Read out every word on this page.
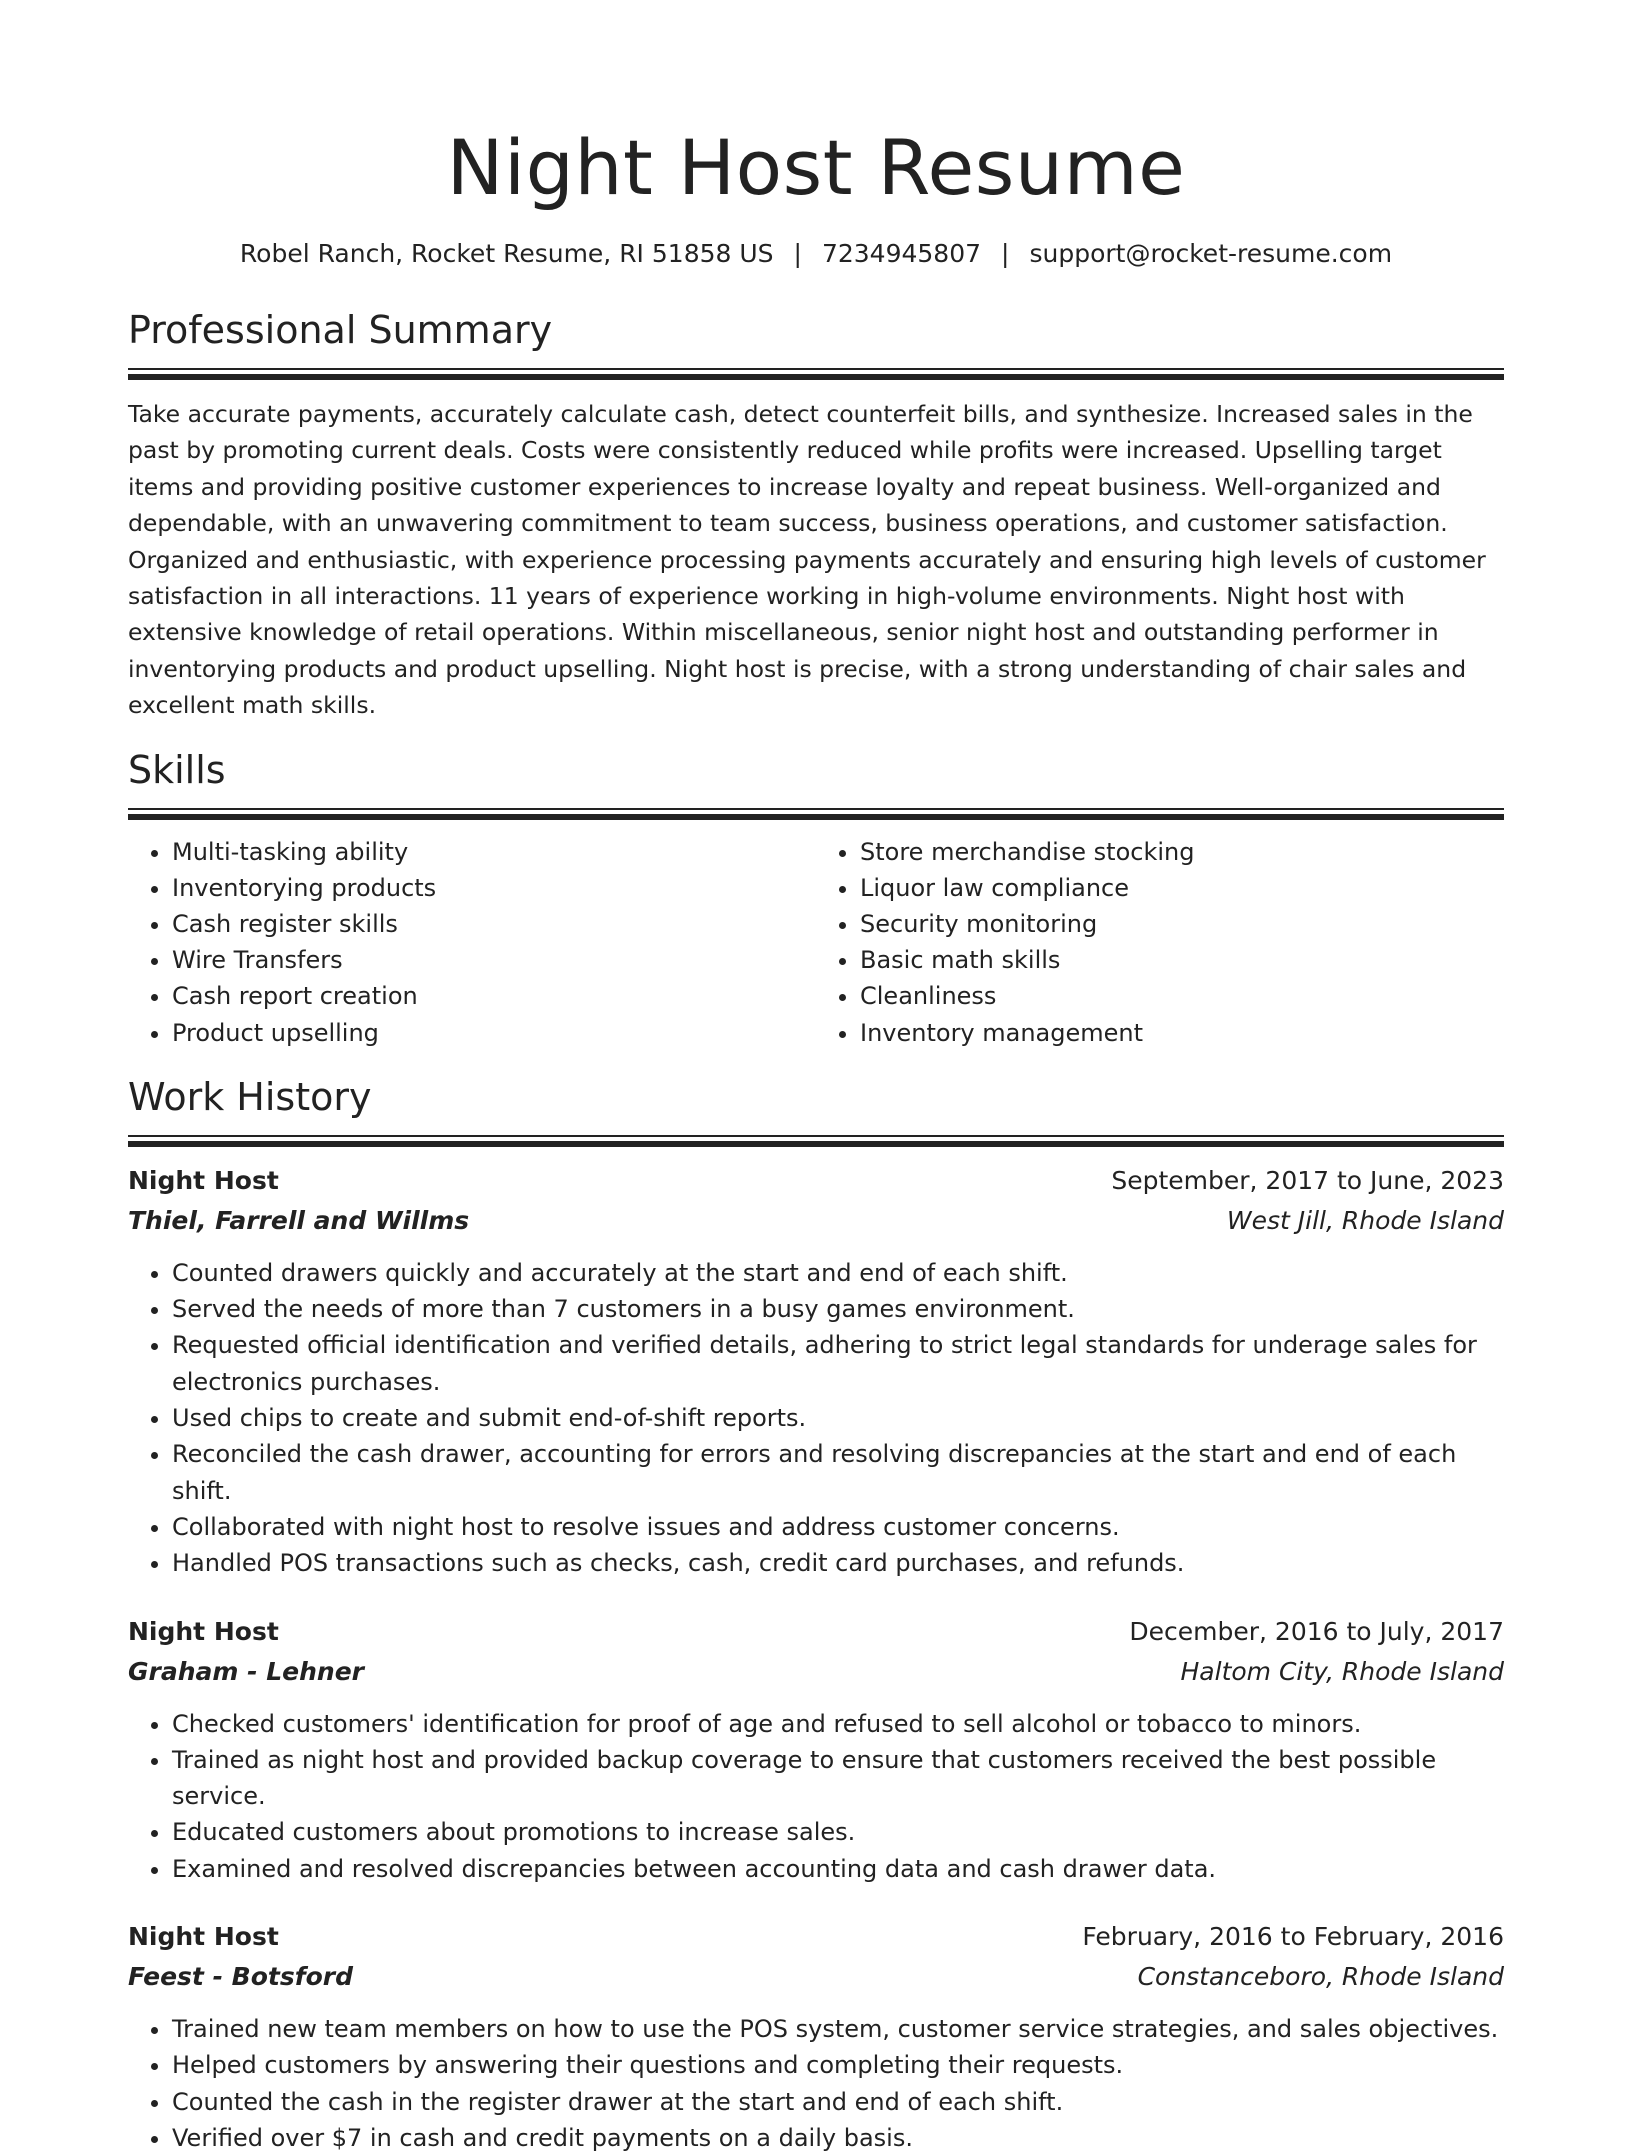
Night Host Resume
Robel Ranch, Rocket Resume, RI 51858 US | 7234945807 | support@rocket-resume.com
Professional Summary

Take accurate payments, accurately calculate cash, detect counterfeit bills, and synthesize. Increased sales in the past by promoting current deals. Costs were consistently reduced while profits were increased. Upselling target items and providing positive customer experiences to increase loyalty and repeat business. Well-organized and dependable, with an unwavering commitment to team success, business operations, and customer satisfaction. Organized and enthusiastic, with experience processing payments accurately and ensuring high levels of customer satisfaction in all interactions. 11 years of experience working in high-volume environments. Night host with extensive knowledge of retail operations. Within miscellaneous, senior night host and outstanding performer in inventorying products and product upselling. Night host is precise, with a strong understanding of chair sales and excellent math skills.

Skills
• Multi-tasking ability
• Inventorying products
• Cash register skills
• Wire Transfers
• Cash report creation
• Product upselling
• Store merchandise stocking
• Liquor law compliance
• Security monitoring
• Basic math skills
• Cleanliness
• Inventory management
Work History
Night Host	September, 2017 to June, 2023
Thiel, Farrell and Willms	West Jill, Rhode Island
• Counted drawers quickly and accurately at the start and end of each shift.
• Served the needs of more than 7 customers in a busy games environment.
• Requested official identification and verified details, adhering to strict legal standards for underage sales for electronics purchases.
• Used chips to create and submit end-of-shift reports.
• Reconciled the cash drawer, accounting for errors and resolving discrepancies at the start and end of each shift.
• Collaborated with night host to resolve issues and address customer concerns.
• Handled POS transactions such as checks, cash, credit card purchases, and refunds.
Night Host	December, 2016 to July, 2017
Graham - Lehner	Haltom City, Rhode Island
• Checked customers' identification for proof of age and refused to sell alcohol or tobacco to minors.
• Trained as night host and provided backup coverage to ensure that customers received the best possible service.
• Educated customers about promotions to increase sales.
• Examined and resolved discrepancies between accounting data and cash drawer data.
Night Host	February, 2016 to February, 2016
Feest - Botsford	Constanceboro, Rhode Island
• Trained new team members on how to use the POS system, customer service strategies, and sales objectives.
• Helped customers by answering their questions and completing their requests.
• Counted the cash in the register drawer at the start and end of each shift.
• Verified over $7 in cash and credit payments on a daily basis.
